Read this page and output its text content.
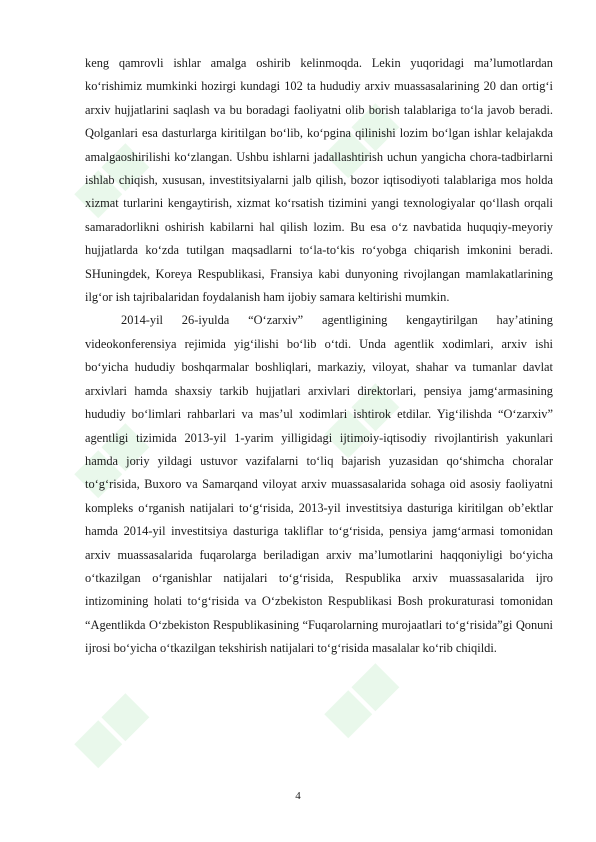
■■ ■■
■■ ■■
■■ ■■

keng qamrovli ishlar amalga oshirib kelinmoqda. Lekin yuqoridagi ma’lumotlardan ko‘rishimiz mumkinki hozirgi kundagi 102 ta hududiy arxiv muassasalarining 20 dan ortig‘i arxiv hujjatlarini saqlash va bu boradagi faoliyatni olib borish talablariga to‘la javob beradi. Qolganlari esa dasturlarga kiritilgan bo‘lib, ko‘pgina qilinishi lozim bo‘lgan ishlar kelajakda amalgaoshirilishi ko‘zlangan. Ushbu ishlarni jadallashtirish uchun yangicha chora-tadbirlarni ishlab chiqish, xususan, investitsiyalarni jalb qilish, bozor iqtisodiyoti talablariga mos holda xizmat turlarini kengaytirish, xizmat ko‘rsatish tizimini yangi texnologiyalar qo‘llash orqali samaradorlikni oshirish kabilarni hal qilish lozim. Bu esa o‘z navbatida huquqiy-meyoriy hujjatlarda ko‘zda tutilgan maqsadlarni to‘la-to‘kis ro‘yobga chiqarish imkonini beradi. SHuningdek, Koreya Respublikasi, Fransiya kabi dunyoning rivojlangan mamlakatlarining ilg‘or ish tajribalaridan foydalanish ham ijobiy samara keltirishi mumkin.

2014-yil 26-iyulda “O‘zarxiv” agentligining kengaytirilgan hay’atining videokonferensiya rejimida yig‘ilishi bo‘lib o‘tdi. Unda agentlik xodimlari, arxiv ishi bo‘yicha hududiy boshqarmalar boshliqlari, markaziy, viloyat, shahar va tumanlar davlat arxivlari hamda shaxsiy tarkib hujjatlari arxivlari direktorlari, pensiya jamg‘armasining hududiy bo‘limlari rahbarlari va mas’ul xodimlari ishtirok etdilar. Yig‘ilishda “O‘zarxiv” agentligi tizimida 2013-yil 1-yarim yilligidagi ijtimoiy-iqtisodiy rivojlantirish yakunlari hamda joriy yildagi ustuvor vazifalarni to‘liq bajarish yuzasidan qo‘shimcha choralar to‘g‘risida, Buxoro va Samarqand viloyat arxiv muassasalarida sohaga oid asosiy faoliyatni kompleks o‘rganish natijalari to‘g‘risida, 2013-yil investitsiya dasturiga kiritilgan ob’ektlar hamda 2014-yil investitsiya dasturiga takliflar to‘g‘risida, pensiya jamg‘armasi tomonidan arxiv muassasalarida fuqarolarga beriladigan arxiv ma’lumotlarini haqqoniyligi bo‘yicha o‘tkazilgan o‘rganishlar natijalari to‘g‘risida, Respublika arxiv muassasalarida ijro intizomining holati to‘g‘risida va O‘zbekiston Respublikasi Bosh prokuraturasi tomonidan “Agentlikda O‘zbekiston Respublikasining “Fuqarolarning murojaatlari to‘g‘risida”gi Qonuni ijrosi bo‘yicha o‘tkazilgan tekshirish natijalari to‘g‘risida masalalar ko‘rib chiqildi.

4
